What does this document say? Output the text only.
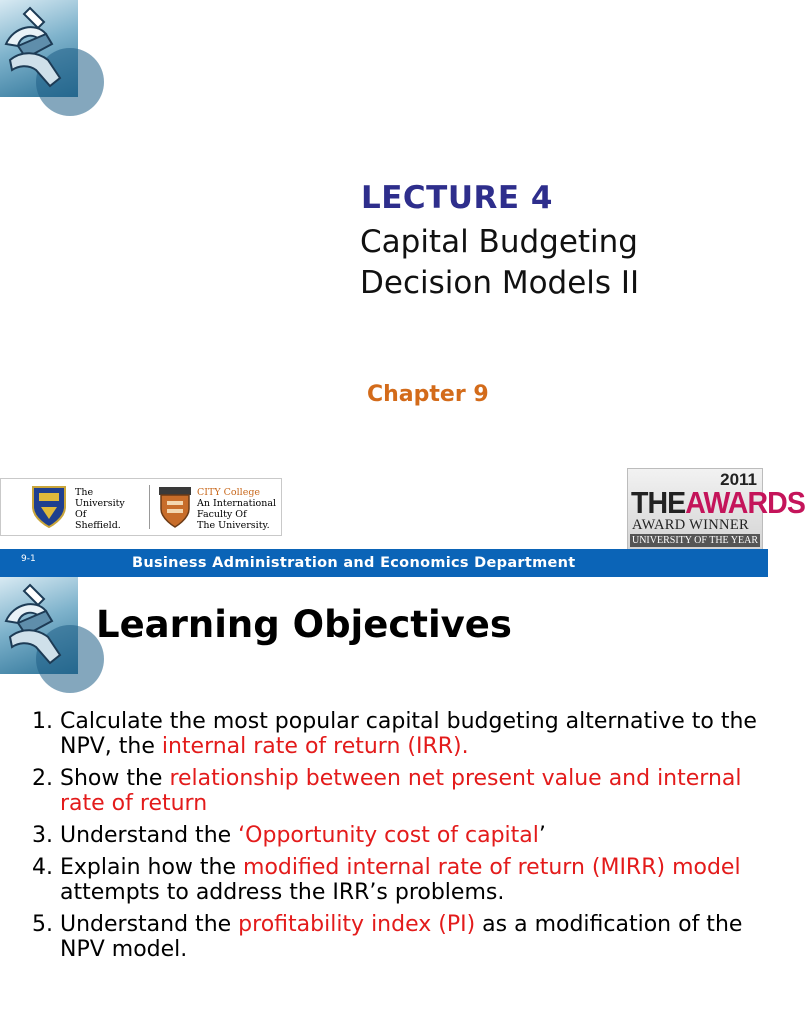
LECTURE 4
Capital Budgeting
Decision Models II
Chapter 9
The
University
Of
Sheffield.
CITY College
An International
Faculty Of
The University.
2011
THEAWARDS
AWARD WINNER
UNIVERSITY OF THE YEAR
9-1	Business Administration and Economics Department
Learning Objectives
1. Calculate the most popular capital budgeting alternative to the NPV, the internal rate of return (IRR).
2. Show the relationship between net present value and internal rate of return
3. Understand the ‘Opportunity cost of capital’
4. Explain how the modified internal rate of return (MIRR) model attempts to address the IRR’s problems.
5. Understand the profitability index (PI) as a modification of the NPV model.
